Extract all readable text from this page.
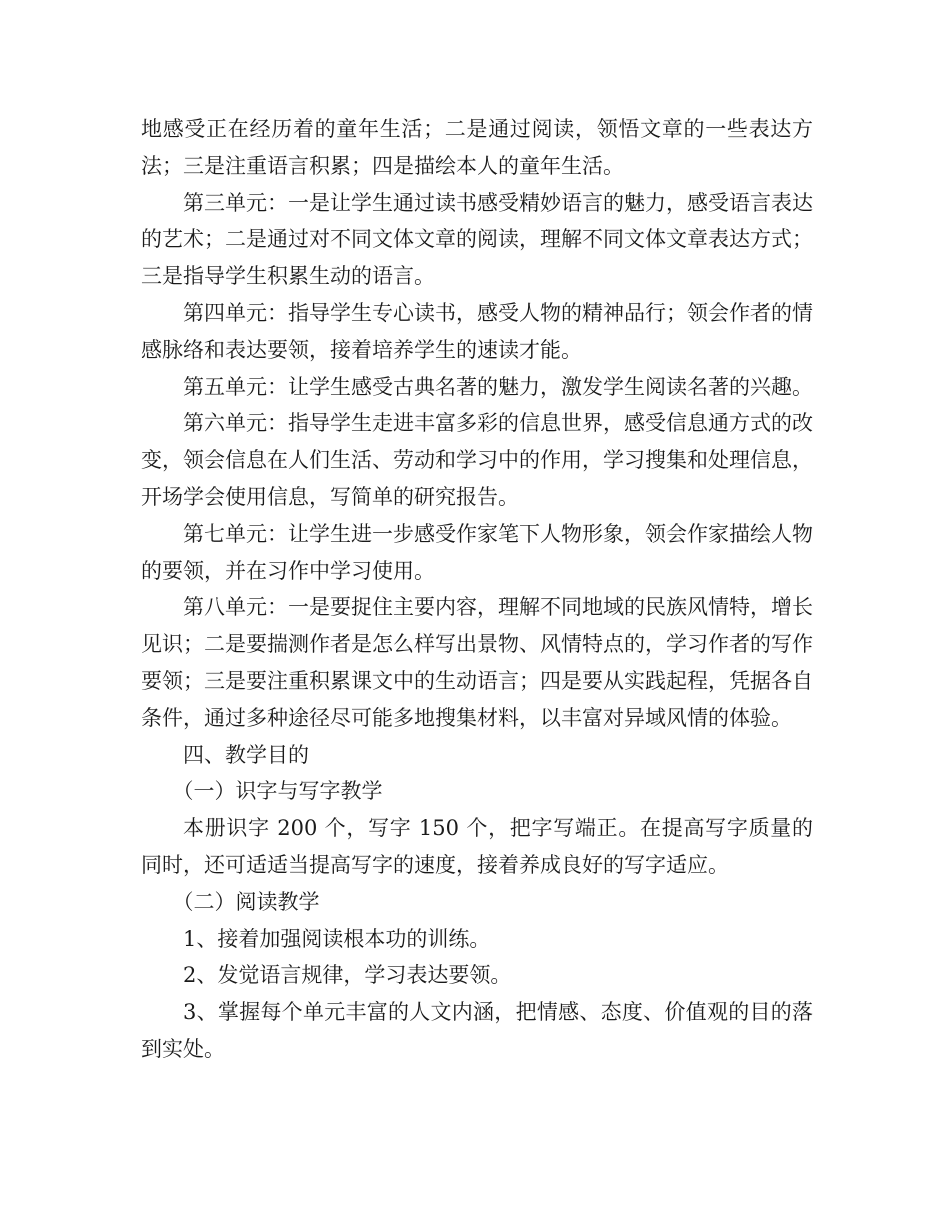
地感受正在经历着的童年生活；二是通过阅读，领悟文章的一些表达方法；三是注重语言积累；四是描绘本人的童年生活。

第三单元：一是让学生通过读书感受精妙语言的魅力，感受语言表达的艺术；二是通过对不同文体文章的阅读，理解不同文体文章表达方式；三是指导学生积累生动的语言。

第四单元：指导学生专心读书，感受人物的精神品行；领会作者的情感脉络和表达要领，接着培养学生的速读才能。

第五单元：让学生感受古典名著的魅力，激发学生阅读名著的兴趣。

第六单元：指导学生走进丰富多彩的信息世界，感受信息通方式的改变，领会信息在人们生活、劳动和学习中的作用，学习搜集和处理信息，开场学会使用信息，写简单的研究报告。

第七单元：让学生进一步感受作家笔下人物形象，领会作家描绘人物的要领，并在习作中学习使用。

第八单元：一是要捉住主要内容，理解不同地域的民族风情特，增长见识；二是要揣测作者是怎么样写出景物、风情特点的，学习作者的写作要领；三是要注重积累课文中的生动语言；四是要从实践起程，凭据各自条件，通过多种途径尽可能多地搜集材料，以丰富对异域风情的体验。

四、教学目的

（一）识字与写字教学

本册识字 200 个，写字 150 个，把字写端正。在提高写字质量的同时，还可适适当提高写字的速度，接着养成良好的写字适应。

（二）阅读教学

1、接着加强阅读根本功的训练。

2、发觉语言规律，学习表达要领。

3、掌握每个单元丰富的人文内涵，把情感、态度、价值观的目的落到实处。
